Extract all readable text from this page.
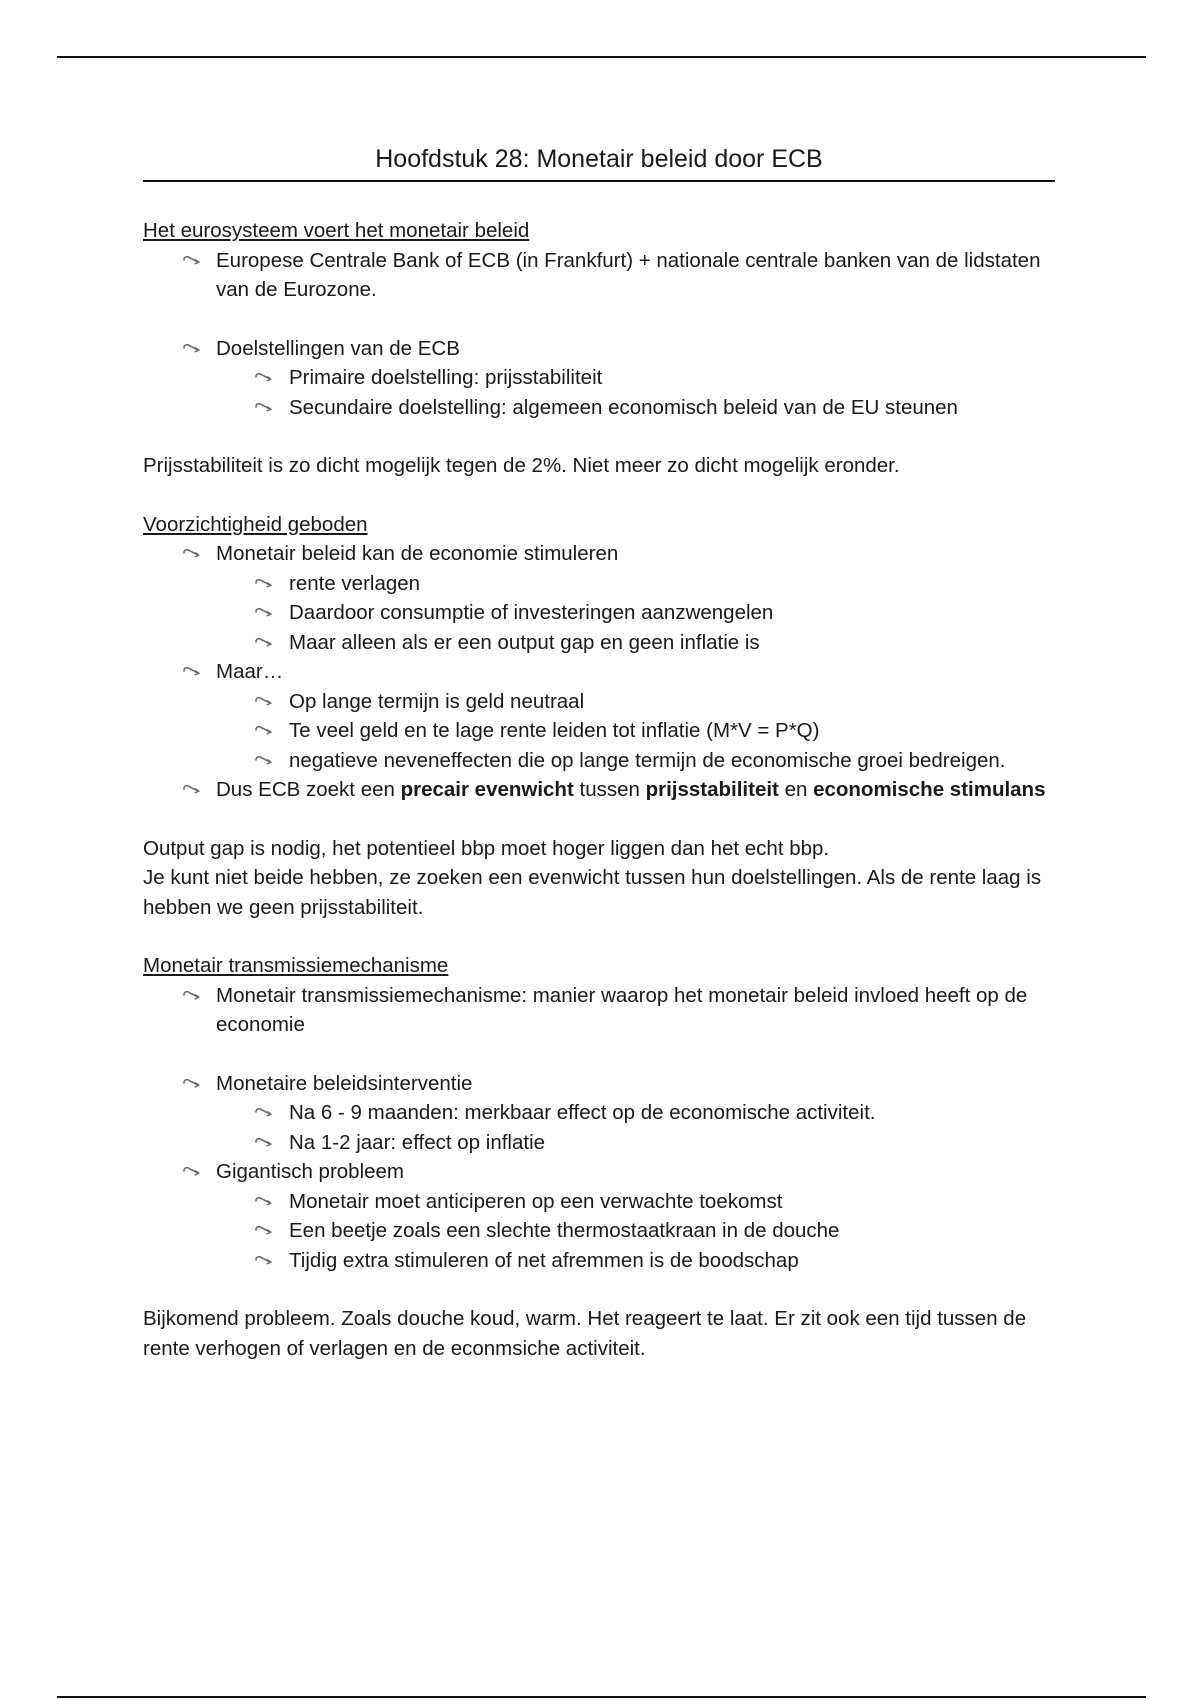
Hoofdstuk 28: Monetair beleid door ECB
Het eurosysteem voert het monetair beleid
Europese Centrale Bank of ECB (in Frankfurt) + nationale centrale banken van de lidstaten van de Eurozone.
Doelstellingen van de ECB
Primaire doelstelling: prijsstabiliteit
Secundaire doelstelling: algemeen economisch beleid van de EU steunen
Prijsstabiliteit is zo dicht mogelijk tegen de 2%. Niet meer zo dicht mogelijk eronder.
Voorzichtigheid geboden
Monetair beleid kan de economie stimuleren
rente verlagen
Daardoor consumptie of investeringen aanzwengelen
Maar alleen als er een output gap en geen inflatie is
Maar…
Op lange termijn is geld neutraal
Te veel geld en te lage rente leiden tot inflatie (M*V = P*Q)
negatieve neveneffecten die op lange termijn de economische groei bedreigen.
Dus ECB zoekt een precair evenwicht tussen prijsstabiliteit en economische stimulans
Output gap is nodig, het potentieel bbp moet hoger liggen dan het echt bbp.
Je kunt niet beide hebben, ze zoeken een evenwicht tussen hun doelstellingen. Als de rente laag is hebben we geen prijsstabiliteit.
Monetair transmissiemechanisme
Monetair transmissiemechanisme: manier waarop het monetair beleid invloed heeft op de economie
Monetaire beleidsinterventie
Na 6 - 9 maanden: merkbaar effect op de economische activiteit.
Na 1-2 jaar: effect op inflatie
Gigantisch probleem
Monetair moet anticiperen op een verwachte toekomst
Een beetje zoals een slechte thermostaatkraan in de douche
Tijdig extra stimuleren of net afremmen is de boodschap
Bijkomend probleem. Zoals douche koud, warm. Het reageert te laat. Er zit ook een tijd tussen de rente verhogen of verlagen en de econmsiche activiteit.
